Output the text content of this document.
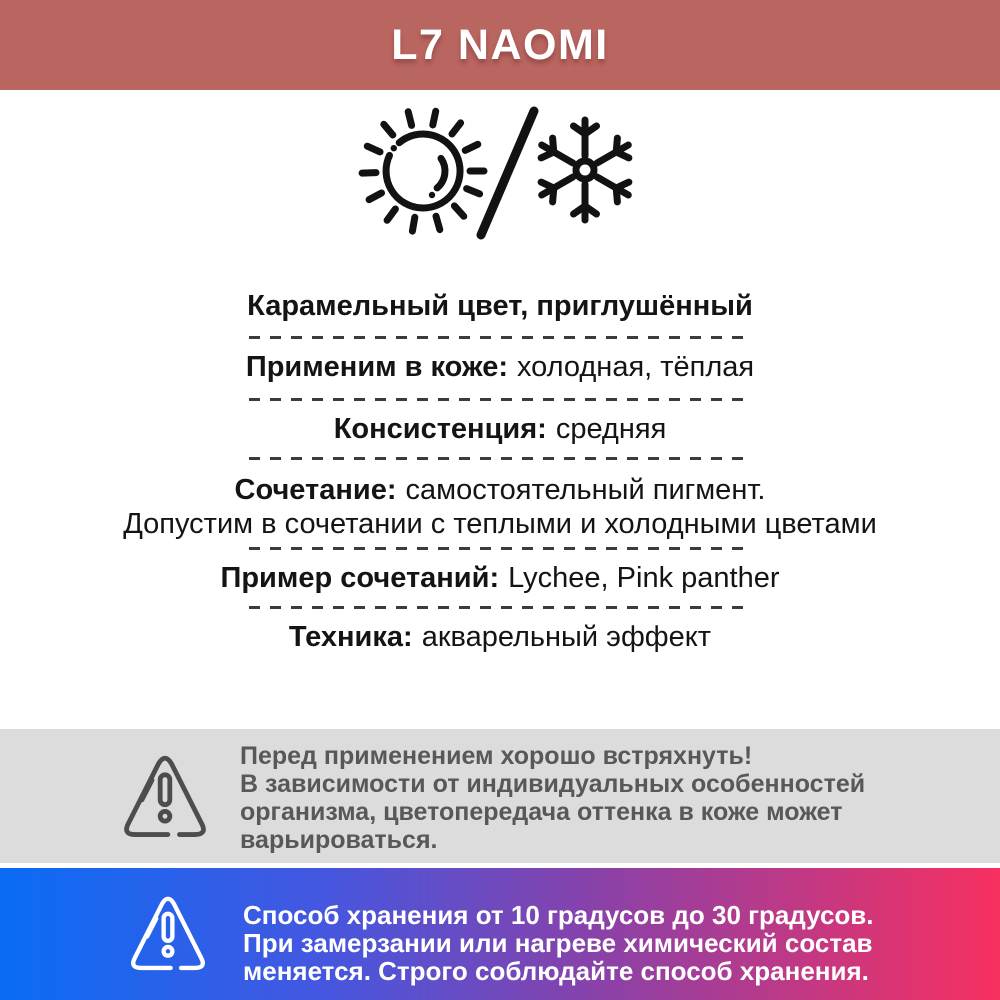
L7 NAOMI
Карамельный цвет, приглушённый
Применим в коже: холодная, тёплая
Консистенция: средняя
Сочетание: самостоятельный пигмент.
Допустим в сочетании с теплыми и холодными цветами
Пример сочетаний: Lychee, Pink panther
Техника: акварельный эффект
Перед применением хорошо встряхнуть!
В зависимости от индивидуальных особенностей
организма, цветопередача оттенка в коже может
варьироваться.
Способ хранения от 10 градусов до 30 градусов.
При замерзании или нагреве химический состав
меняется. Строго соблюдайте способ хранения.
